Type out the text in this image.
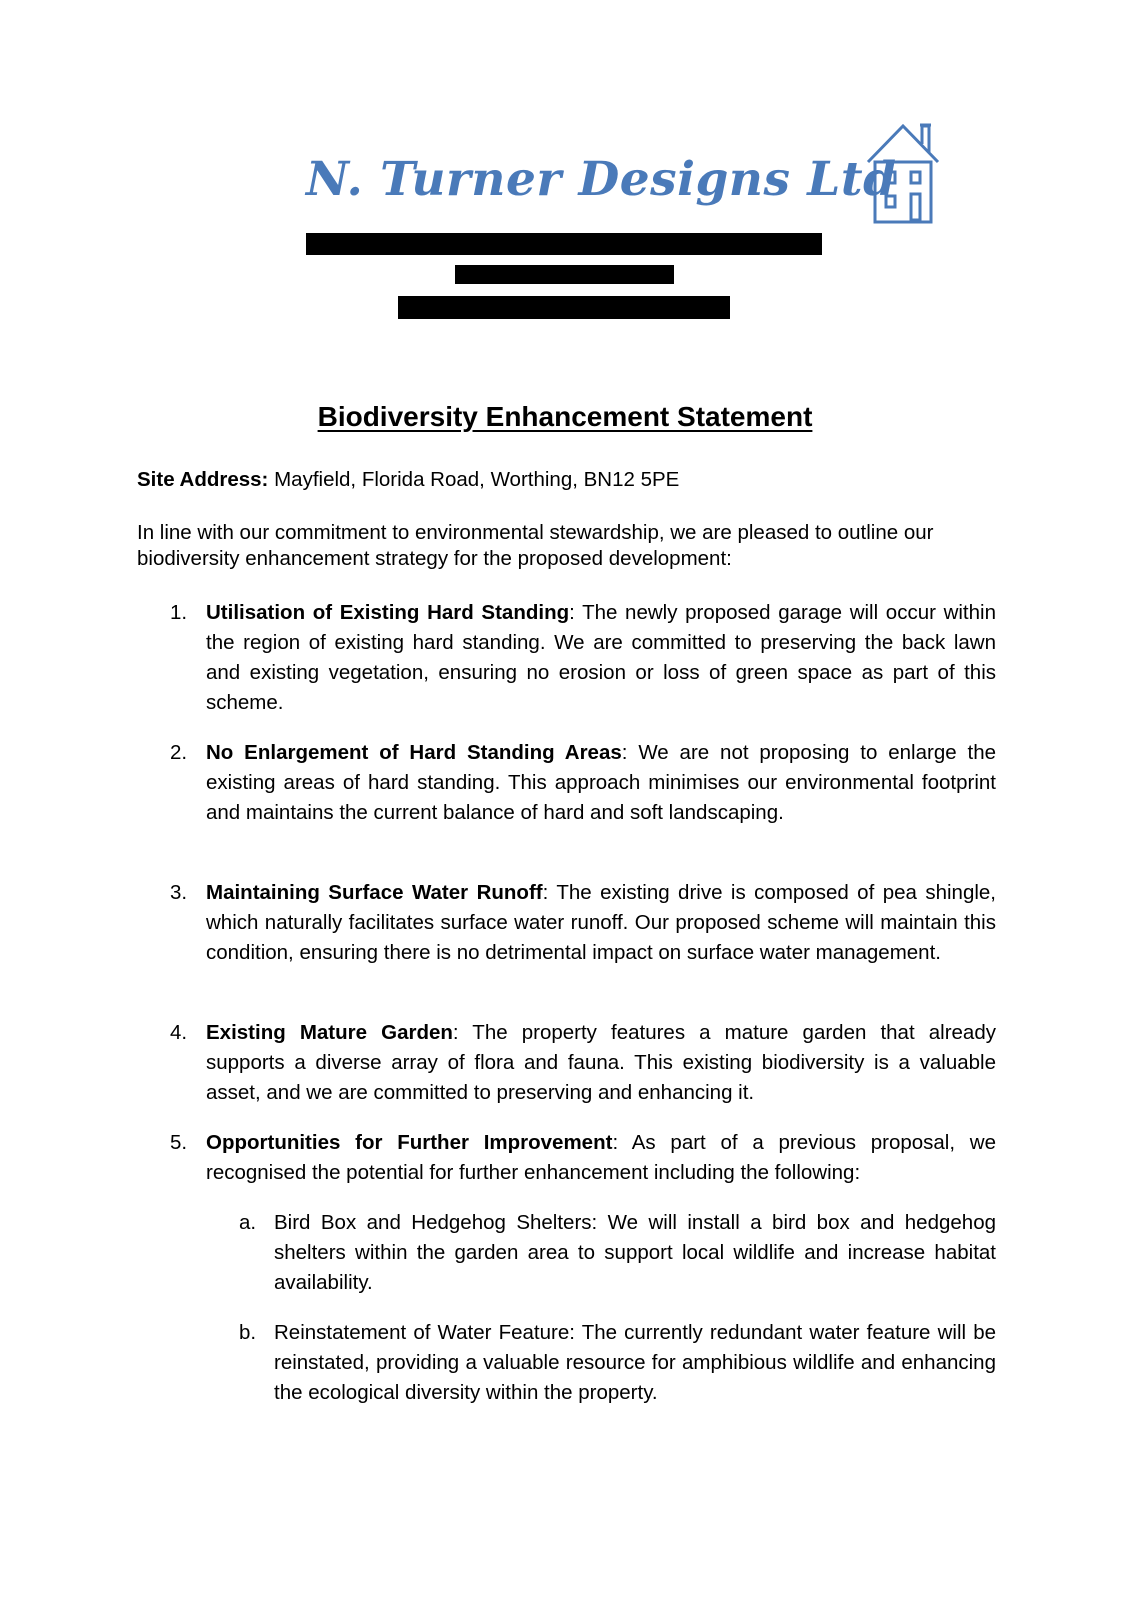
N. Turner Designs Ltd
Biodiversity Enhancement Statement
Site Address: Mayfield, Florida Road, Worthing, BN12 5PE
In line with our commitment to environmental stewardship, we are pleased to outline our biodiversity enhancement strategy for the proposed development:
1. Utilisation of Existing Hard Standing: The newly proposed garage will occur within the region of existing hard standing. We are committed to preserving the back lawn and existing vegetation, ensuring no erosion or loss of green space as part of this scheme.
2. No Enlargement of Hard Standing Areas: We are not proposing to enlarge the existing areas of hard standing. This approach minimises our environmental footprint and maintains the current balance of hard and soft landscaping.
3. Maintaining Surface Water Runoff: The existing drive is composed of pea shingle, which naturally facilitates surface water runoff. Our proposed scheme will maintain this condition, ensuring there is no detrimental impact on surface water management.
4. Existing Mature Garden: The property features a mature garden that already supports a diverse array of flora and fauna. This existing biodiversity is a valuable asset, and we are committed to preserving and enhancing it.
5. Opportunities for Further Improvement: As part of a previous proposal, we recognised the potential for further enhancement including the following:
a. Bird Box and Hedgehog Shelters: We will install a bird box and hedgehog shelters within the garden area to support local wildlife and increase habitat availability.
b. Reinstatement of Water Feature: The currently redundant water feature will be reinstated, providing a valuable resource for amphibious wildlife and enhancing the ecological diversity within the property.
